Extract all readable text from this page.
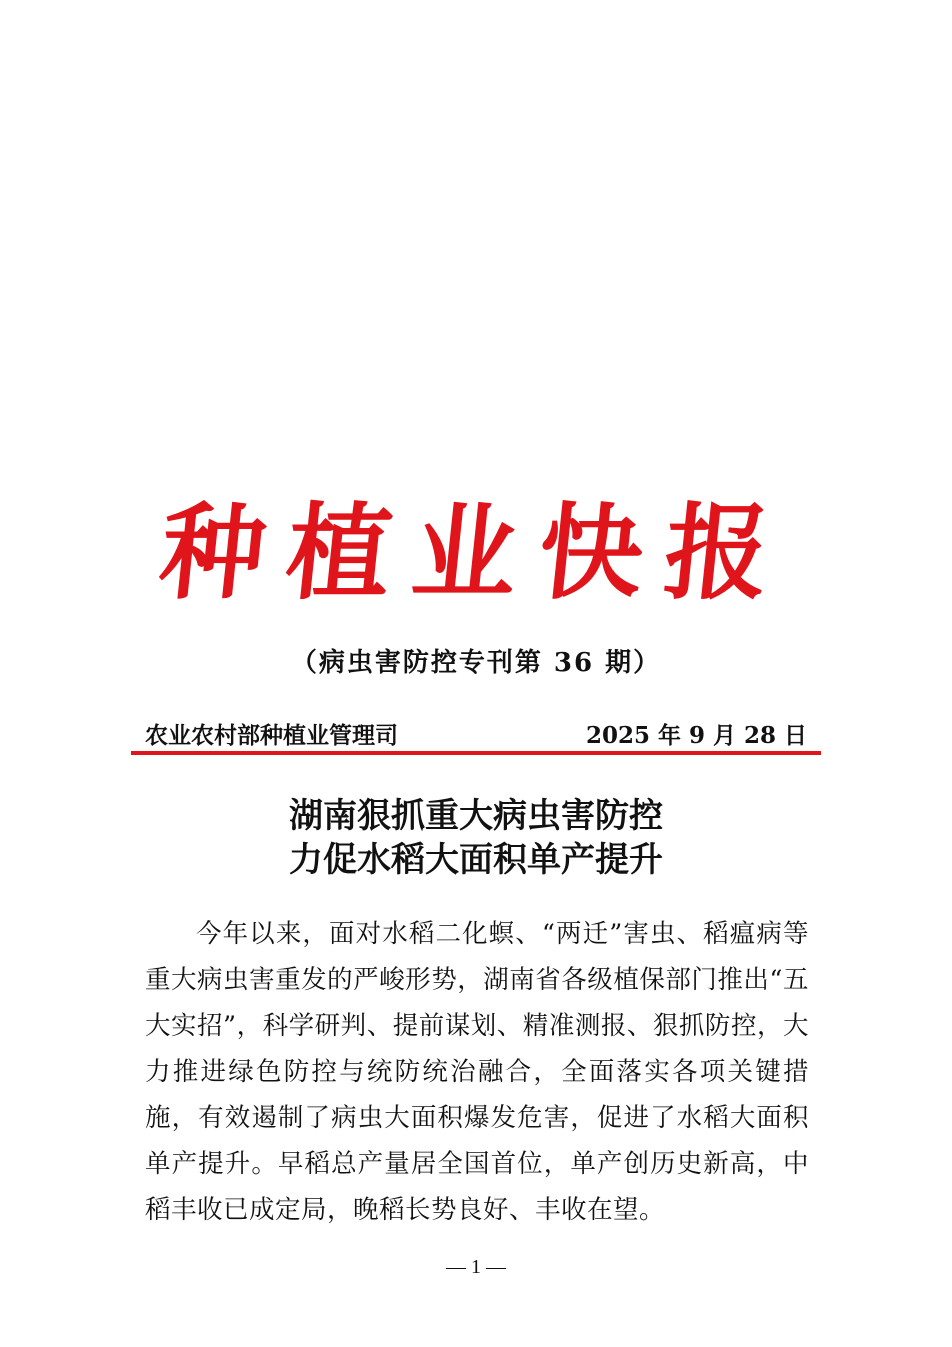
种植业快报
（病虫害防控专刊第 36 期）
农业农村部种植业管理司	2025 年 9 月 28 日
湖南狠抓重大病虫害防控
力促水稻大面积单产提升
今年以来，面对水稻二化螟、“两迁”害虫、稻瘟病等重大病虫害重发的严峻形势，湖南省各级植保部门推出“五大实招”，科学研判、提前谋划、精准测报、狠抓防控，大力推进绿色防控与统防统治融合，全面落实各项关键措施，有效遏制了病虫大面积爆发危害，促进了水稻大面积单产提升。早稻总产量居全国首位，单产创历史新高，中稻丰收已成定局，晚稻长势良好、丰收在望。
— 1 —
